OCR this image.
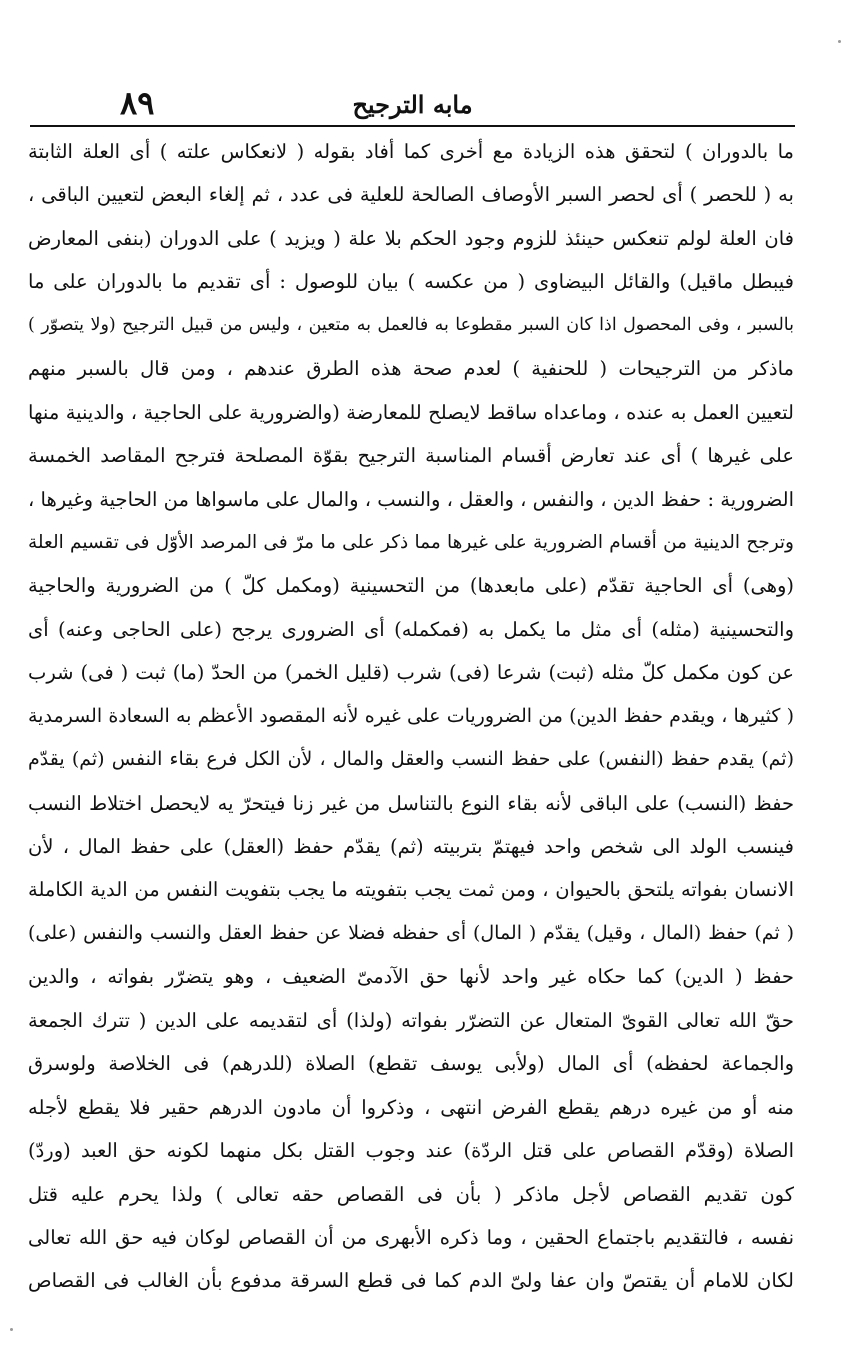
مابه الترجيح
٨٩
ما بالدوران ) لتحقق هذه الزيادة مع أخرى كما أفاد بقوله ( لانعكاس علته ) أى العلة الثابتة
به ( للحصر ) أى لحصر السبر الأوصاف الصالحة للعلية فى عدد ، ثم إلغاء البعض لتعيين الباقى ،
فان العلة لولم تنعكس حينئذ للزوم وجود الحكم بلا علة ( ويزيد ) على الدوران (بنفى المعارض
فيبطل ماقيل) والقائل البيضاوى ( من عكسه ) بيان للوصول : أى تقديم ما بالدوران على ما
بالسبر ، وفى المحصول اذا كان السبر مقطوعا به فالعمل به متعين ، وليس من قبيل الترجيح (ولا يتصوّر )
ماذكر من الترجيحات ( للحنفية ) لعدم صحة هذه الطرق عندهم ، ومن قال بالسبر منهم
لتعيين العمل به عنده ، وماعداه ساقط لايصلح للمعارضة (والضرورية على الحاجية ، والدينية منها
على غيرها ) أى عند تعارض أقسام المناسبة الترجيح بقوّة المصلحة فترجح المقاصد الخمسة
الضرورية : حفظ الدين ، والنفس ، والعقل ، والنسب ، والمال على ماسواها من الحاجية وغيرها ،
وترجح الدينية من أقسام الضرورية على غيرها مما ذكر على ما مرّ فى المرصد الأوّل فى تقسيم العلة
(وهى) أى الحاجية تقدّم (على مابعدها) من التحسينية (ومكمل كلّ ) من الضرورية والحاجية
والتحسينية (مثله) أى مثل ما يكمل به (فمكمله) أى الضرورى يرجح (على الحاجى وعنه) أى
عن كون مكمل كلّ مثله (ثبت) شرعا (فى) شرب (قليل الخمر) من الحدّ (ما) ثبت ( فى) شرب
( كثيرها ، ويقدم حفظ الدين) من الضروريات على غيره لأنه المقصود الأعظم به السعادة السرمدية
(ثم) يقدم حفظ (النفس) على حفظ النسب والعقل والمال ، لأن الكل فرع بقاء النفس (ثم) يقدّم
حفظ (النسب) على الباقى لأنه بقاء النوع بالتناسل من غير زنا فيتحرّ يه لايحصل اختلاط النسب
فينسب الولد الى شخص واحد فيهتمّ بتربيته (ثم) يقدّم حفظ (العقل) على حفظ المال ، لأن
الانسان بفواته يلتحق بالحيوان ، ومن ثمت يجب بتفويته ما يجب بتفويت النفس من الدية الكاملة
( ثم) حفظ (المال ، وقيل) يقدّم ( المال) أى حفظه فضلا عن حفظ العقل والنسب والنفس (على)
حفظ ( الدين) كما حكاه غير واحد لأنها حق الآدمىّ الضعيف ، وهو يتضرّر بفواته ، والدين
حقّ الله تعالى القوىّ المتعال عن التضرّر بفواته (ولذا) أى لتقديمه على الدين ( تترك الجمعة
والجماعة لحفظه) أى المال (ولأبى يوسف تقطع) الصلاة (للدرهم) فى الخلاصة ولوسرق
منه أو من غيره درهم يقطع الفرض انتهى ، وذكروا أن مادون الدرهم حقير فلا يقطع لأجله
الصلاة (وقدّم القصاص على قتل الردّة) عند وجوب القتل بكل منهما لكونه حق العبد (وردّ)
كون تقديم القصاص لأجل ماذكر ( بأن فى القصاص حقه تعالى ) ولذا يحرم عليه قتل
نفسه ، فالتقديم باجتماع الحقين ، وما ذكره الأبهرى من أن القصاص لوكان فيه حق الله تعالى
لكان للامام أن يقتصّ وان عفا ولىّ الدم كما فى قطع السرقة مدفوع بأن الغالب فى القصاص
